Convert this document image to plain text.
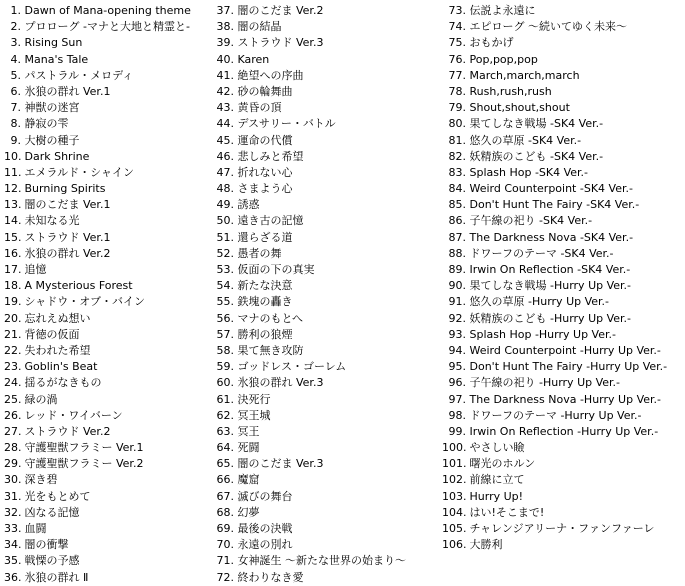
1. Dawn of Mana-opening theme
2. プロローグ -マナと大地と精霊と-
3. Rising Sun
4. Mana's Tale
5. パストラル・メロディ
6. 氷狼の群れ Ver.1
7. 神獣の迷宮
8. 静寂の雫
9. 大樹の種子
10. Dark Shrine
11. エメラルド・シャイン
12. Burning Spirits
13. 闇のこだま Ver.1
14. 未知なる光
15. ストラウド Ver.1
16. 氷狼の群れ Ver.2
17. 追憶
18. A Mysterious Forest
19. シャドウ・オブ・バイン
20. 忘れえぬ想い
21. 背徳の仮面
22. 失われた希望
23. Goblin's Beat
24. 揺るがなきもの
25. 緑の渦
26. レッド・ワイバーン
27. ストラウド Ver.2
28. 守護聖獣フラミー Ver.1
29. 守護聖獣フラミー Ver.2
30. 深き碧
31. 光をもとめて
32. 凶なる記憶
33. 血闘
34. 闇の衝撃
35. 戦慄の予感
36. 氷狼の群れ Ⅱ
37. 闇のこだま Ver.2
38. 闇の結晶
39. ストラウド Ver.3
40. Karen
41. 絶望への序曲
42. 砂の輪舞曲
43. 黄昏の頂
44. デスサリー・バトル
45. 運命の代償
46. 悲しみと希望
47. 折れない心
48. さまよう心
49. 誘惑
50. 遠き古の記憶
51. 還らざる道
52. 愚者の舞
53. 仮面の下の真実
54. 新たな決意
55. 鉄塊の轟き
56. マナのもとへ
57. 勝利の狼煙
58. 果て無き攻防
59. ゴッドレス・ゴーレム
60. 氷狼の群れ Ver.3
61. 決死行
62. 冥王城
63. 冥王
64. 死闘
65. 闇のこだま Ver.3
66. 魔窟
67. 滅びの舞台
68. 幻夢
69. 最後の決戦
70. 永遠の別れ
71. 女神誕生 〜新たな世界の始まり〜
72. 終わりなき愛
73. 伝説よ永遠に
74. エピローグ 〜続いてゆく未来〜
75. おもかげ
76. Pop,pop,pop
77. March,march,march
78. Rush,rush,rush
79. Shout,shout,shout
80. 果てしなき戦場 -SK4 Ver.-
81. 悠久の草原 -SK4 Ver.-
82. 妖精族のこども -SK4 Ver.-
83. Splash Hop -SK4 Ver.-
84. Weird Counterpoint -SK4 Ver.-
85. Don't Hunt The Fairy -SK4 Ver.-
86. 子午線の祀り -SK4 Ver.-
87. The Darkness Nova -SK4 Ver.-
88. ドワーフのテーマ -SK4 Ver.-
89. Irwin On Reflection -SK4 Ver.-
90. 果てしなき戦場 -Hurry Up Ver.-
91. 悠久の草原 -Hurry Up Ver.-
92. 妖精族のこども -Hurry Up Ver.-
93. Splash Hop -Hurry Up Ver.-
94. Weird Counterpoint -Hurry Up Ver.-
95. Don't Hunt The Fairy -Hurry Up Ver.-
96. 子午線の祀り -Hurry Up Ver.-
97. The Darkness Nova -Hurry Up Ver.-
98. ドワーフのテーマ -Hurry Up Ver.-
99. Irwin On Reflection -Hurry Up Ver.-
100. やさしい瞼
101. 曙光のホルン
102. 前線に立て
103. Hurry Up!
104. はい!そこまで!
105. チャレンジアリーナ・ファンファーレ
106. 大勝利
